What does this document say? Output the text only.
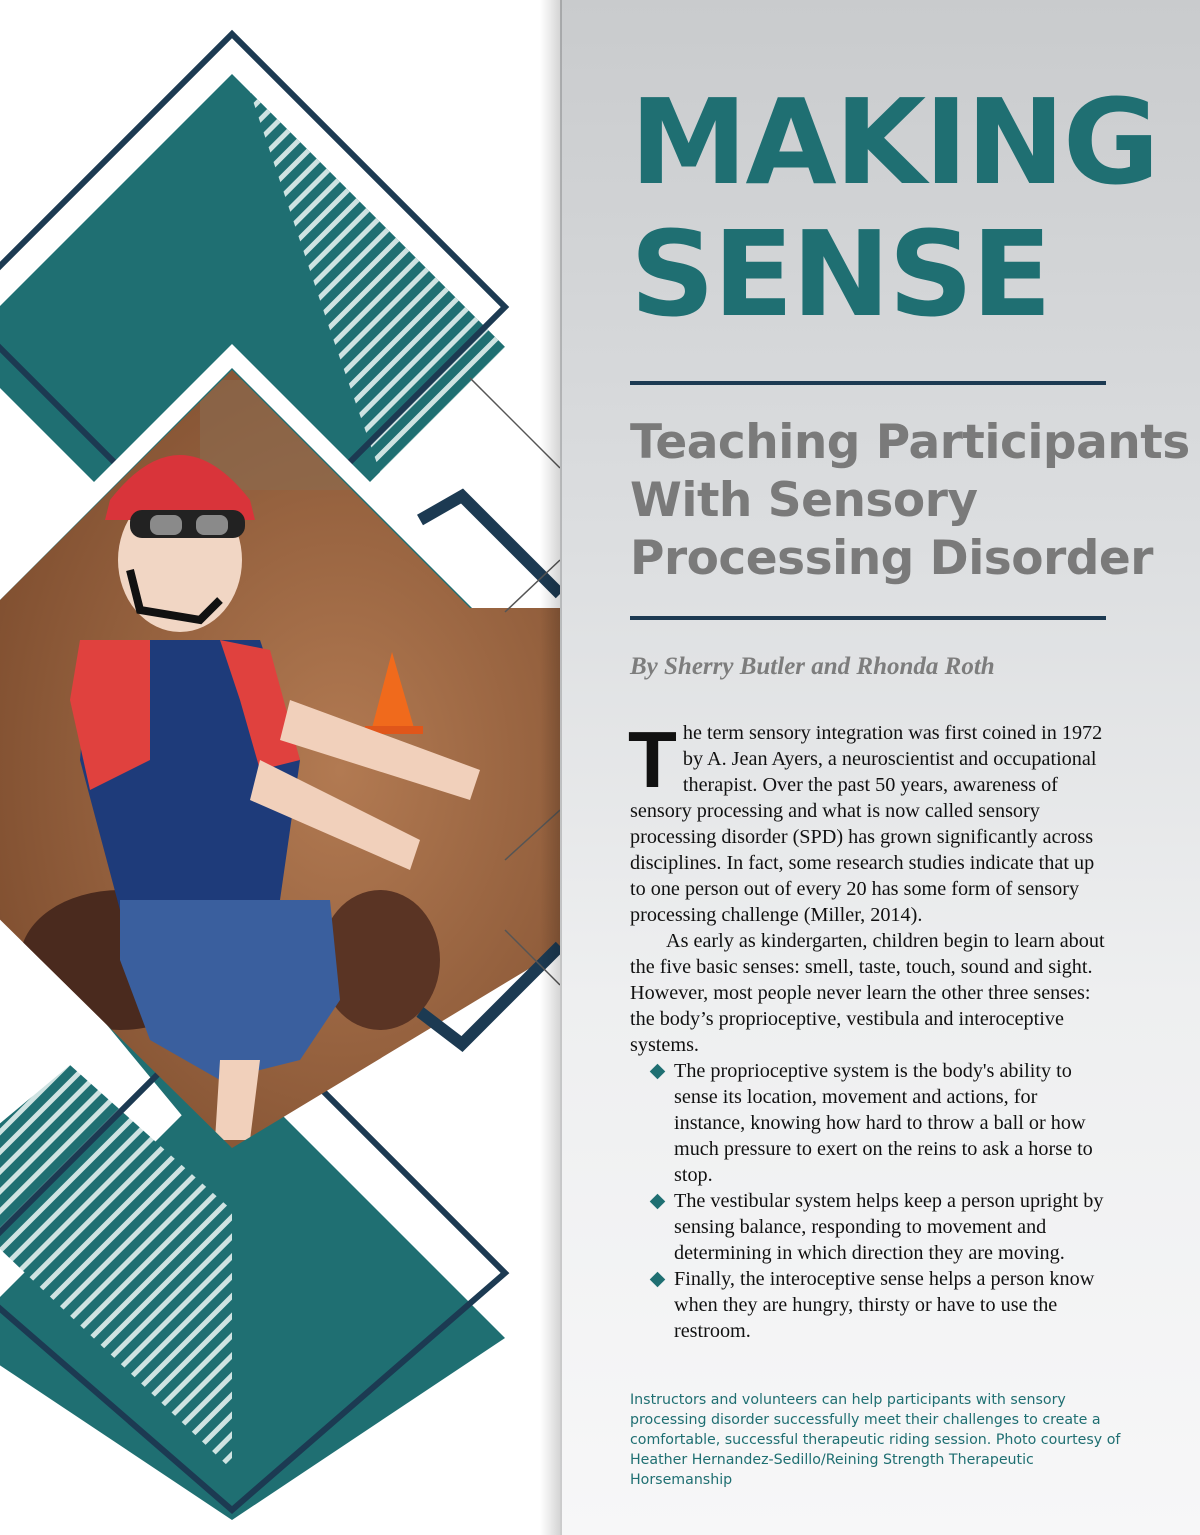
MAKING
SENSE
Teaching Participants
With Sensory
Processing Disorder
By Sherry Butler and Rhonda Roth

The term sensory integration was first coined in 1972 by A. Jean Ayers, a neuroscientist and occupational therapist. Over the past 50 years, awareness of sensory processing and what is now called sensory processing disorder (SPD) has grown significantly across disciplines. In fact, some research studies indicate that up to one person out of every 20 has some form of sensory processing challenge (Miller, 2014).

As early as kindergarten, children begin to learn about the five basic senses: smell, taste, touch, sound and sight. However, most people never learn the other three senses: the body’s proprioceptive, vestibula and interoceptive systems.

The proprioceptive system is the body's ability to sense its location, movement and actions, for instance, knowing how hard to throw a ball or how much pressure to exert on the reins to ask a horse to stop.
The vestibular system helps keep a person upright by sensing balance, responding to movement and determining in which direction they are moving.
Finally, the interoceptive sense helps a person know when they are hungry, thirsty or have to use the restroom.
Instructors and volunteers can help participants with sensory processing disorder successfully meet their challenges to create a comfortable, successful therapeutic riding session. Photo courtesy of Heather Hernandez-Sedillo/Reining Strength Therapeutic Horsemanship
